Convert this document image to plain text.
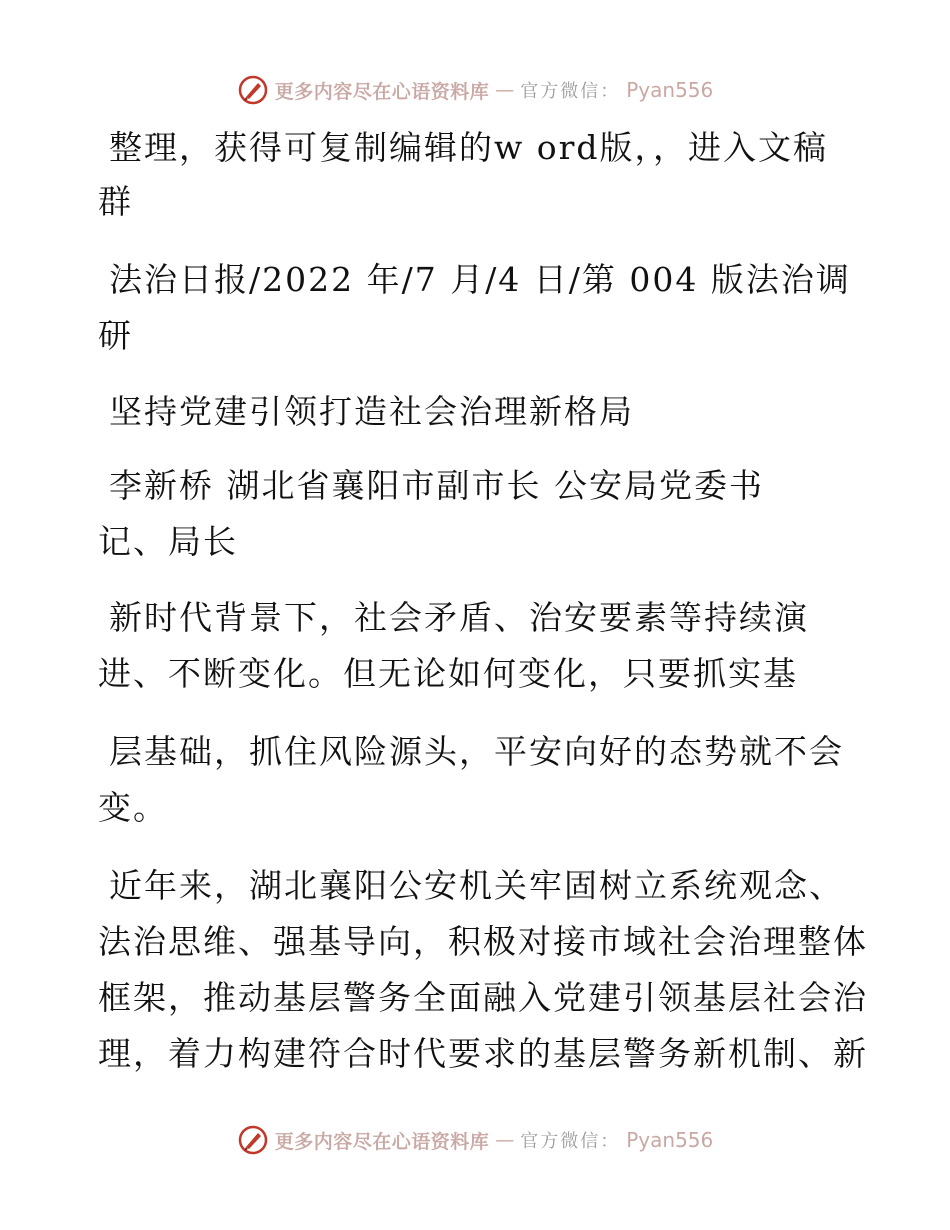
更多内容尽在心语资料库 — 官方微信： Pyan556
整理，获得可复制编辑的w ord版，，进入文稿
群
法治日报/2022 年/7 月/4 日/第 004 版法治调
研
坚持党建引领打造社会治理新格局
李新桥 湖北省襄阳市副市长 公安局党委书
记、局长
新时代背景下，社会矛盾、治安要素等持续演
进、不断变化。但无论如何变化，只要抓实基
层基础，抓住风险源头，平安向好的态势就不会
变。
近年来，湖北襄阳公安机关牢固树立系统观念、
法治思维、强基导向，积极对接市域社会治理整体
框架，推动基层警务全面融入党建引领基层社会治
理，着力构建符合时代要求的基层警务新机制、新
更多内容尽在心语资料库 — 官方微信： Pyan556
